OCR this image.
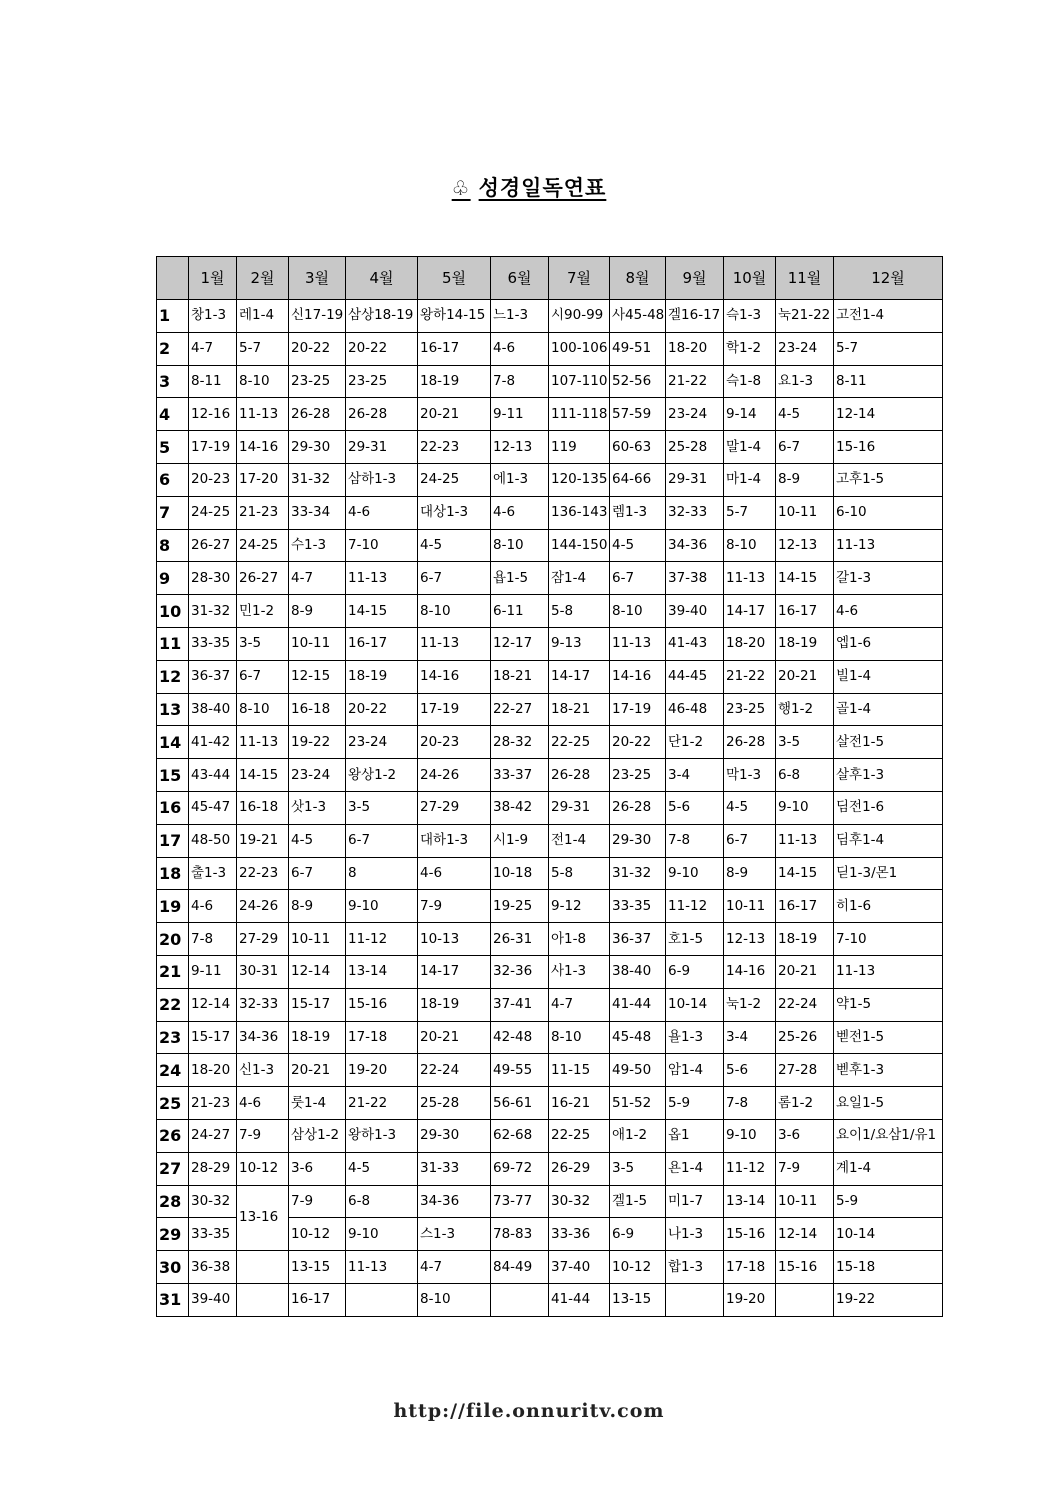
♧ 성경일독연표
	1월	2월	3월	4월	5월	6월	7월	8월	9월	10월	11월	12월
1	창1-3	레1-4	신17-19	삼상18-19	왕하14-15	느1-3	시90-99	사45-48	겔16-17	슥1-3	눅21-22	고전1-4
2	4-7	5-7	20-22	20-22	16-17	4-6	100-106	49-51	18-20	학1-2	23-24	5-7
3	8-11	8-10	23-25	23-25	18-19	7-8	107-110	52-56	21-22	슥1-8	요1-3	8-11
4	12-16	11-13	26-28	26-28	20-21	9-11	111-118	57-59	23-24	9-14	4-5	12-14
5	17-19	14-16	29-30	29-31	22-23	12-13	119	60-63	25-28	말1-4	6-7	15-16
6	20-23	17-20	31-32	삼하1-3	24-25	에1-3	120-135	64-66	29-31	마1-4	8-9	고후1-5
7	24-25	21-23	33-34	4-6	대상1-3	4-6	136-143	렘1-3	32-33	5-7	10-11	6-10
8	26-27	24-25	수1-3	7-10	4-5	8-10	144-150	4-5	34-36	8-10	12-13	11-13
9	28-30	26-27	4-7	11-13	6-7	욥1-5	잠1-4	6-7	37-38	11-13	14-15	갈1-3
10	31-32	민1-2	8-9	14-15	8-10	6-11	5-8	8-10	39-40	14-17	16-17	4-6
11	33-35	3-5	10-11	16-17	11-13	12-17	9-13	11-13	41-43	18-20	18-19	엡1-6
12	36-37	6-7	12-15	18-19	14-16	18-21	14-17	14-16	44-45	21-22	20-21	빌1-4
13	38-40	8-10	16-18	20-22	17-19	22-27	18-21	17-19	46-48	23-25	행1-2	골1-4
14	41-42	11-13	19-22	23-24	20-23	28-32	22-25	20-22	단1-2	26-28	3-5	살전1-5
15	43-44	14-15	23-24	왕상1-2	24-26	33-37	26-28	23-25	3-4	막1-3	6-8	살후1-3
16	45-47	16-18	삿1-3	3-5	27-29	38-42	29-31	26-28	5-6	4-5	9-10	딤전1-6
17	48-50	19-21	4-5	6-7	대하1-3	시1-9	전1-4	29-30	7-8	6-7	11-13	딤후1-4
18	출1-3	22-23	6-7	8	4-6	10-18	5-8	31-32	9-10	8-9	14-15	딛1-3/몬1
19	4-6	24-26	8-9	9-10	7-9	19-25	9-12	33-35	11-12	10-11	16-17	히1-6
20	7-8	27-29	10-11	11-12	10-13	26-31	아1-8	36-37	호1-5	12-13	18-19	7-10
21	9-11	30-31	12-14	13-14	14-17	32-36	사1-3	38-40	6-9	14-16	20-21	11-13
22	12-14	32-33	15-17	15-16	18-19	37-41	4-7	41-44	10-14	눅1-2	22-24	약1-5
23	15-17	34-36	18-19	17-18	20-21	42-48	8-10	45-48	욜1-3	3-4	25-26	벧전1-5
24	18-20	신1-3	20-21	19-20	22-24	49-55	11-15	49-50	암1-4	5-6	27-28	벧후1-3
25	21-23	4-6	룻1-4	21-22	25-28	56-61	16-21	51-52	5-9	7-8	롬1-2	요일1-5
26	24-27	7-9	삼상1-2	왕하1-3	29-30	62-68	22-25	애1-2	옵1	9-10	3-6	요이1/요삼1/유1
27	28-29	10-12	3-6	4-5	31-33	69-72	26-29	3-5	욘1-4	11-12	7-9	계1-4
28	30-32	13-16	7-9	6-8	34-36	73-77	30-32	겔1-5	미1-7	13-14	10-11	5-9
29	33-35		10-12	9-10	스1-3	78-83	33-36	6-9	나1-3	15-16	12-14	10-14
30	36-38		13-15	11-13	4-7	84-49	37-40	10-12	합1-3	17-18	15-16	15-18
31	39-40		16-17		8-10		41-44	13-15		19-20		19-22
http://file.onnuritv.com
